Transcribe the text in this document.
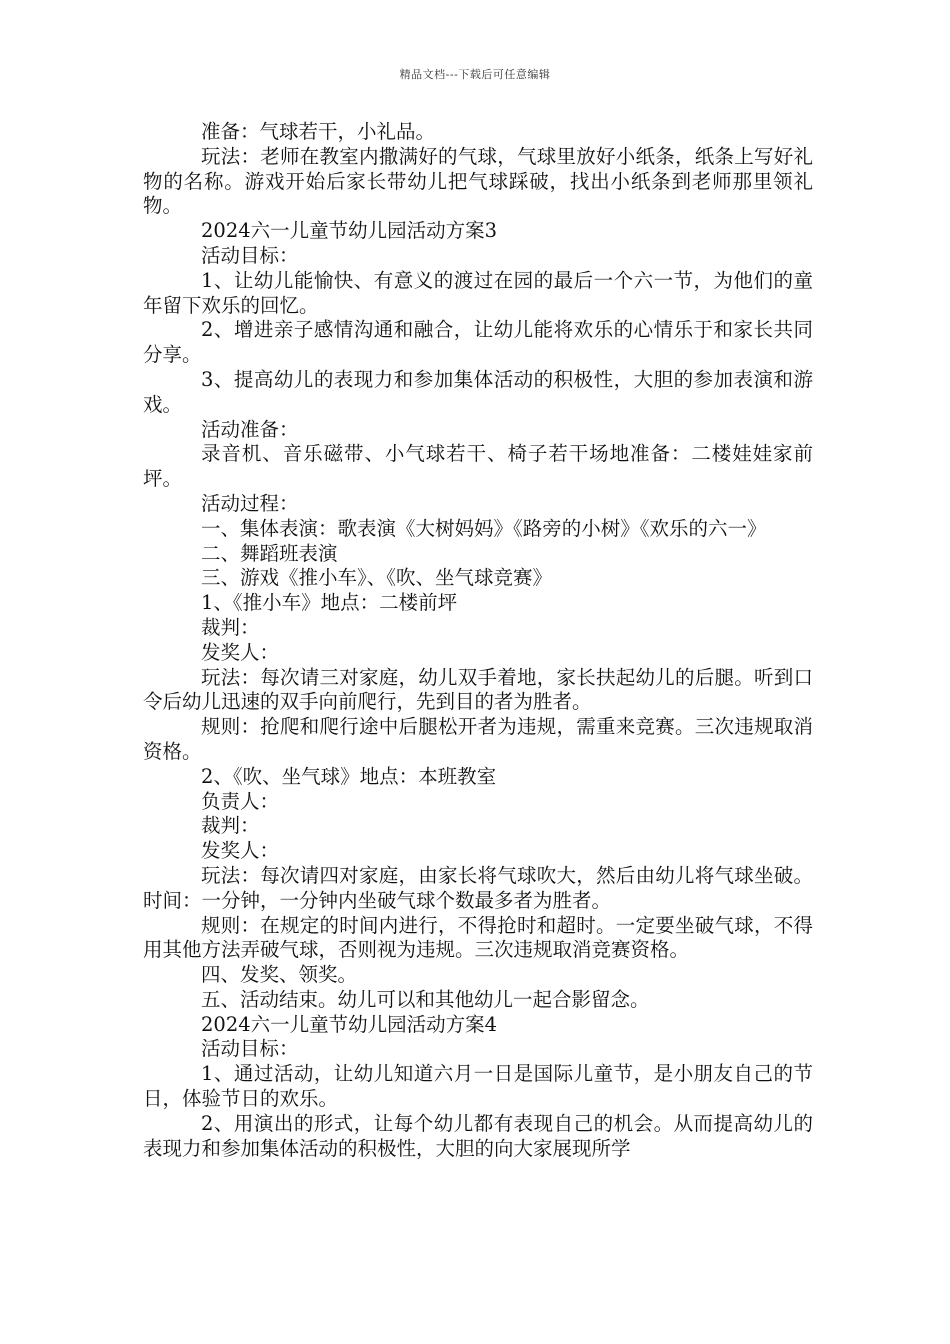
精品文档---下载后可任意编辑

准备：气球若干，小礼品。

玩法：老师在教室内撒满好的气球，气球里放好小纸条，纸条上写好礼物的名称。游戏开始后家长带幼儿把气球踩破，找出小纸条到老师那里领礼物。

2024六一儿童节幼儿园活动方案3

活动目标：

1、让幼儿能愉快、有意义的渡过在园的最后一个六一节，为他们的童年留下欢乐的回忆。

2、增进亲子感情沟通和融合，让幼儿能将欢乐的心情乐于和家长共同分享。

3、提高幼儿的表现力和参加集体活动的积极性，大胆的参加表演和游戏。

活动准备：

录音机、音乐磁带、小气球若干、椅子若干场地准备：二楼娃娃家前坪。

活动过程：

一、集体表演：歌表演《大树妈妈》《路旁的小树》《欢乐的六一》

二、舞蹈班表演

三、游戏《推小车》、《吹、坐气球竞赛》

1、《推小车》地点：二楼前坪

裁判：

发奖人：

玩法：每次请三对家庭，幼儿双手着地，家长扶起幼儿的后腿。听到口令后幼儿迅速的双手向前爬行，先到目的者为胜者。

规则：抢爬和爬行途中后腿松开者为违规，需重来竞赛。三次违规取消资格。

2、《吹、坐气球》地点：本班教室

负责人：

裁判：

发奖人：

玩法：每次请四对家庭，由家长将气球吹大，然后由幼儿将气球坐破。时间：一分钟，一分钟内坐破气球个数最多者为胜者。

规则：在规定的时间内进行，不得抢时和超时。一定要坐破气球，不得用其他方法弄破气球，否则视为违规。三次违规取消竞赛资格。

四、发奖、领奖。

五、活动结束。幼儿可以和其他幼儿一起合影留念。

2024六一儿童节幼儿园活动方案4

活动目标：

1、通过活动，让幼儿知道六月一日是国际儿童节，是小朋友自己的节日，体验节日的欢乐。

2、用演出的形式，让每个幼儿都有表现自己的机会。从而提高幼儿的表现力和参加集体活动的积极性，大胆的向大家展现所学
